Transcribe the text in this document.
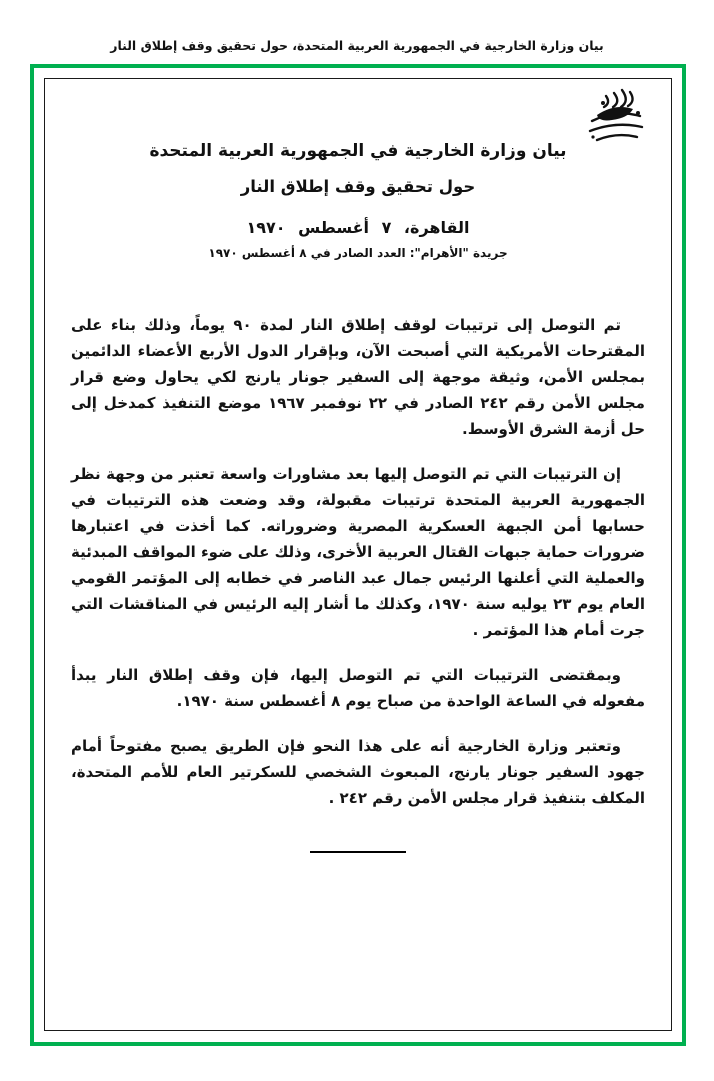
بيان وزارة الخارجية في الجمهورية العربية المتحدة، حول تحقيق وقف إطلاق النار
بيان وزارة الخارجية في الجمهورية العربية المتحدة
حول تحقيق وقف إطلاق النار
القاهرة، ٧ أغسطس ١٩٧٠
جريدة "الأهرام": العدد الصادر في ٨ أغسطس ١٩٧٠

تم التوصل إلى ترتيبات لوقف إطلاق النار لمدة ٩٠ يوماً، وذلك بناء على المقترحات الأمريكية التي أصبحت الآن، وبإقرار الدول الأربع الأعضاء الدائمين بمجلس الأمن، وثيقة موجهة إلى السفير جونار يارنج لكي يحاول وضع قرار مجلس الأمن رقم ٢٤٢ الصادر في ٢٢ نوفمبر ١٩٦٧ موضع التنفيذ كمدخل إلى حل أزمة الشرق الأوسط.

إن الترتيبات التي تم التوصل إليها بعد مشاورات واسعة تعتبر من وجهة نظر الجمهورية العربية المتحدة ترتيبات مقبولة، وقد وضعت هذه الترتيبات في حسابها أمن الجبهة العسكرية المصرية وضروراته. كما أخذت في اعتبارها ضرورات حماية جبهات القتال العربية الأخرى، وذلك على ضوء المواقف المبدئية والعملية التي أعلنها الرئيس جمال عبد الناصر في خطابه إلى المؤتمر القومي العام يوم ٢٣ يوليه سنة ١٩٧٠، وكذلك ما أشار إليه الرئيس في المناقشات التي جرت أمام هذا المؤتمر .

وبمقتضى الترتيبات التي تم التوصل إليها، فإن وقف إطلاق النار يبدأ مفعوله في الساعة الواحدة من صباح يوم ٨ أغسطس سنة ١٩٧٠.

وتعتبر وزارة الخارجية أنه على هذا النحو فإن الطريق يصبح مفتوحاً أمام جهود السفير جونار يارنج، المبعوث الشخصي للسكرتير العام للأمم المتحدة، المكلف بتنفيذ قرار مجلس الأمن رقم ٢٤٢ .
